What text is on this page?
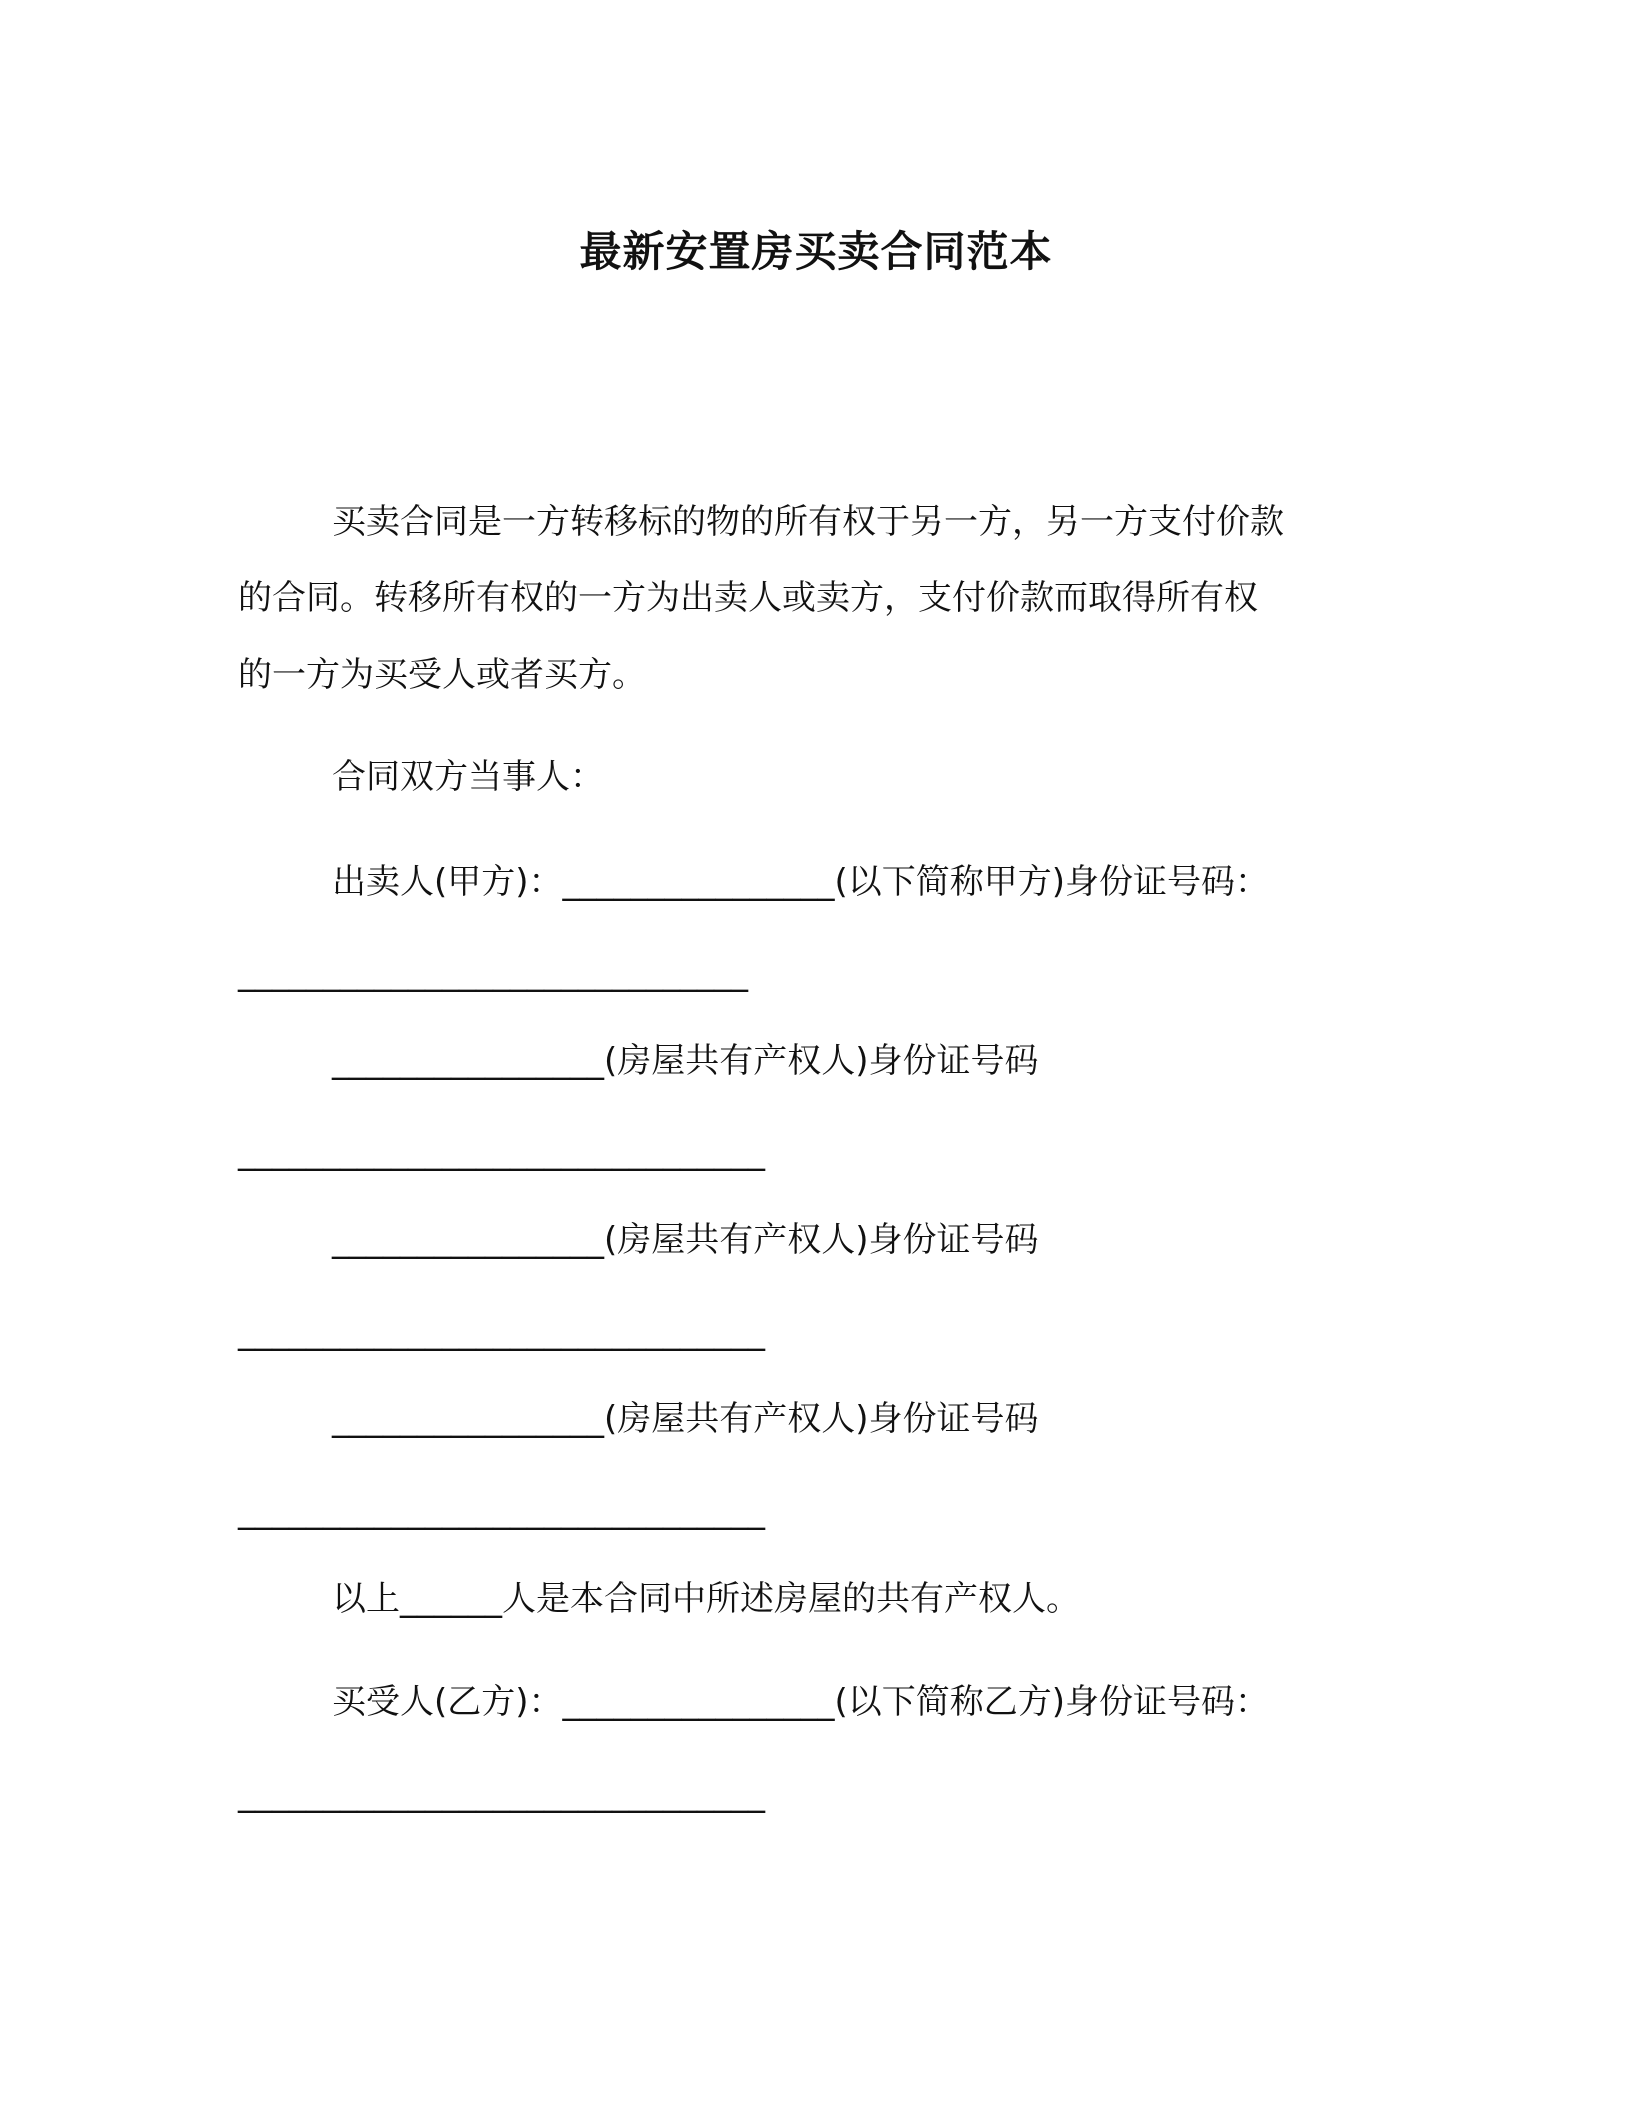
最新安置房买卖合同范本
买卖合同是一方转移标的物的所有权于另一方，另一方支付价款
的合同。转移所有权的一方为出卖人或卖方，支付价款而取得所有权
的一方为买受人或者买方。
合同双方当事人：
出卖人(甲方)：________________(以下简称甲方)身份证号码：
______________________________
________________(房屋共有产权人)身份证号码
_______________________________
________________(房屋共有产权人)身份证号码
_______________________________
________________(房屋共有产权人)身份证号码
_______________________________
以上______人是本合同中所述房屋的共有产权人。
买受人(乙方)：________________(以下简称乙方)身份证号码：
_______________________________
